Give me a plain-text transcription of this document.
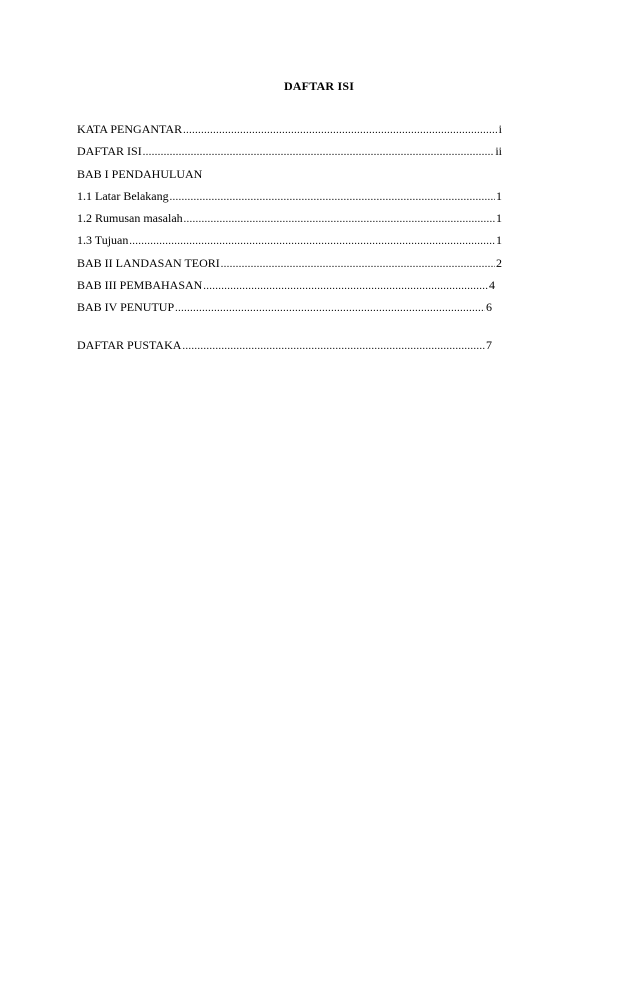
DAFTAR ISI
KATA PENGANTAR .....	i
DAFTAR ISI .....	ii
BAB I PENDAHULUAN
1.1 Latar Belakang .....	1
1.2 Rumusan masalah .....	1
1.3 Tujuan .....	1
BAB II LANDASAN TEORI .....	2
BAB III PEMBAHASAN .....	4
BAB IV PENUTUP .....	6
DAFTAR PUSTAKA .....	7
